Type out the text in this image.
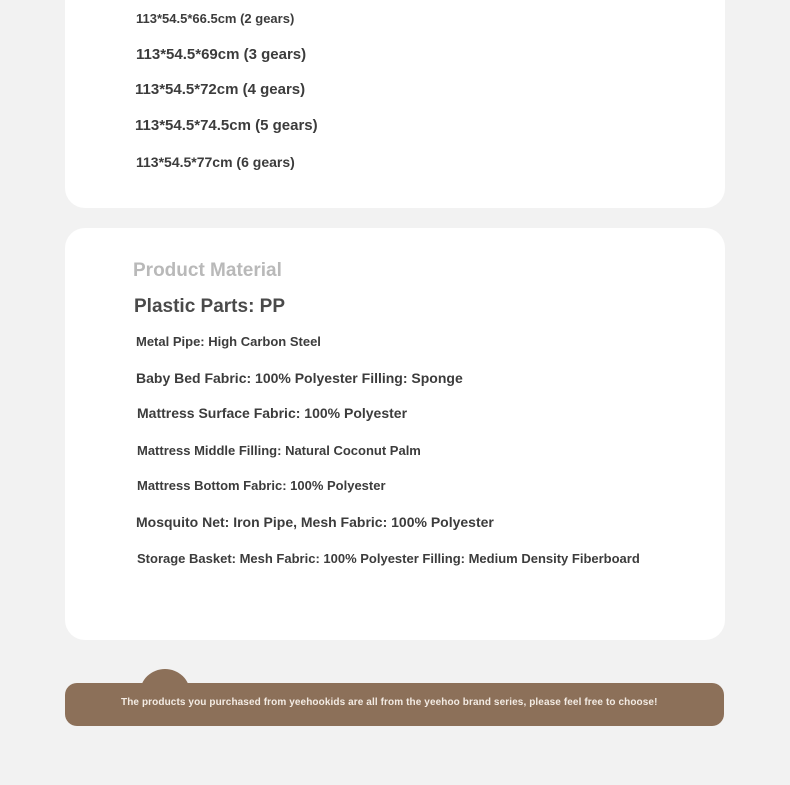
113*54.5*66.5cm (2 gears)
113*54.5*69cm (3 gears)
113*54.5*72cm (4 gears)
113*54.5*74.5cm (5 gears)
113*54.5*77cm (6 gears)
Product Material
Plastic Parts: PP
Metal Pipe: High Carbon Steel
Baby Bed Fabric: 100% Polyester Filling: Sponge
Mattress Surface Fabric: 100% Polyester
Mattress Middle Filling: Natural Coconut Palm
Mattress Bottom Fabric: 100% Polyester
Mosquito Net: Iron Pipe, Mesh Fabric: 100% Polyester
Storage Basket: Mesh Fabric: 100% Polyester Filling: Medium Density Fiberboard
The products you purchased from yeehookids are all from the yeehoo brand series, please feel free to choose!
